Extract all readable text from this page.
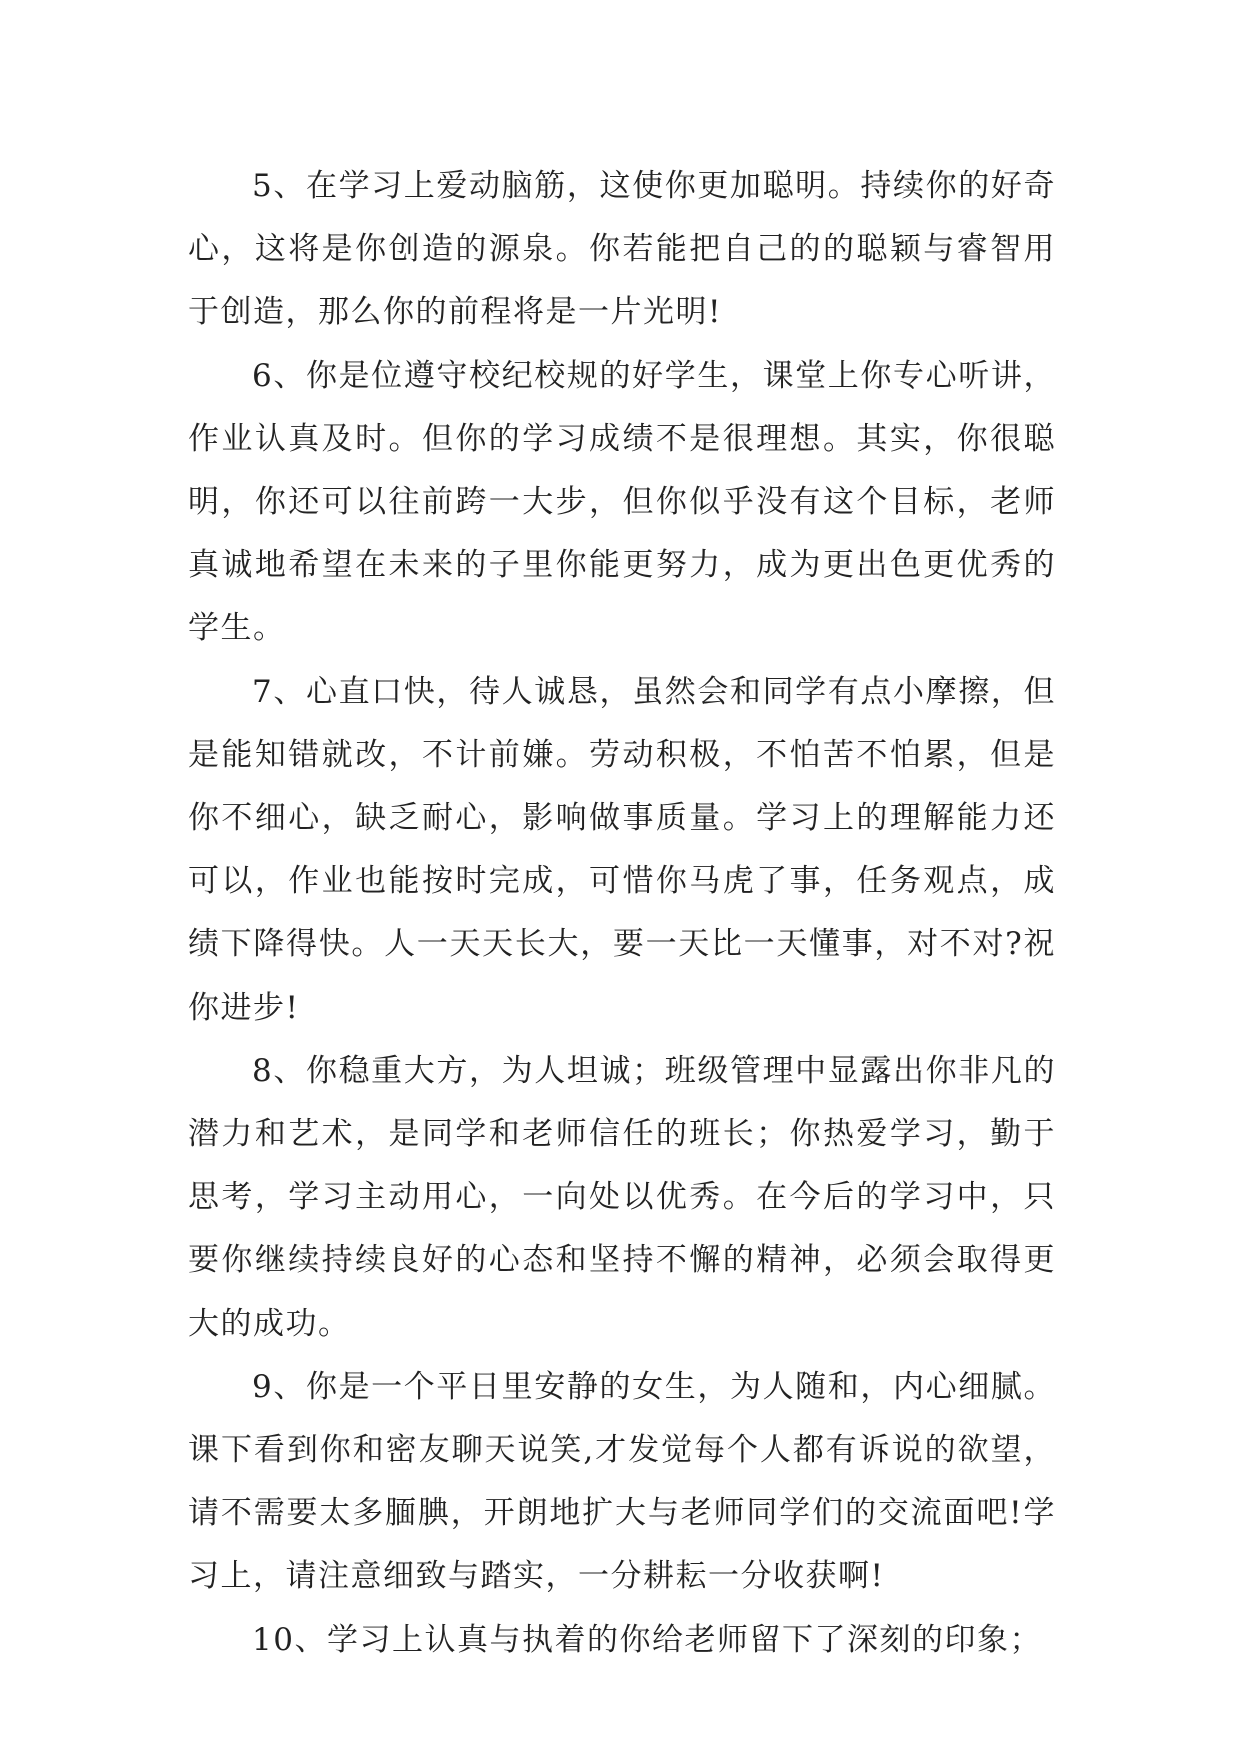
5、在学习上爱动脑筋，这使你更加聪明。持续你的好奇心，这将是你创造的源泉。你若能把自己的的聪颖与睿智用于创造，那么你的前程将是一片光明!

6、你是位遵守校纪校规的好学生，课堂上你专心听讲，作业认真及时。但你的学习成绩不是很理想。其实，你很聪明，你还可以往前跨一大步，但你似乎没有这个目标，老师真诚地希望在未来的子里你能更努力，成为更出色更优秀的学生。

7、心直口快，待人诚恳，虽然会和同学有点小摩擦，但是能知错就改，不计前嫌。劳动积极，不怕苦不怕累，但是你不细心，缺乏耐心，影响做事质量。学习上的理解能力还可以，作业也能按时完成，可惜你马虎了事，任务观点，成绩下降得快。人一天天长大，要一天比一天懂事，对不对?祝你进步!

8、你稳重大方，为人坦诚；班级管理中显露出你非凡的潜力和艺术，是同学和老师信任的班长；你热爱学习，勤于思考，学习主动用心，一向处以优秀。在今后的学习中，只要你继续持续良好的心态和坚持不懈的精神，必须会取得更大的成功。

9、你是一个平日里安静的女生，为人随和，内心细腻。课下看到你和密友聊天说笑,才发觉每个人都有诉说的欲望，请不需要太多腼腆，开朗地扩大与老师同学们的交流面吧!学习上，请注意细致与踏实，一分耕耘一分收获啊!

10、学习上认真与执着的你给老师留下了深刻的印象；
